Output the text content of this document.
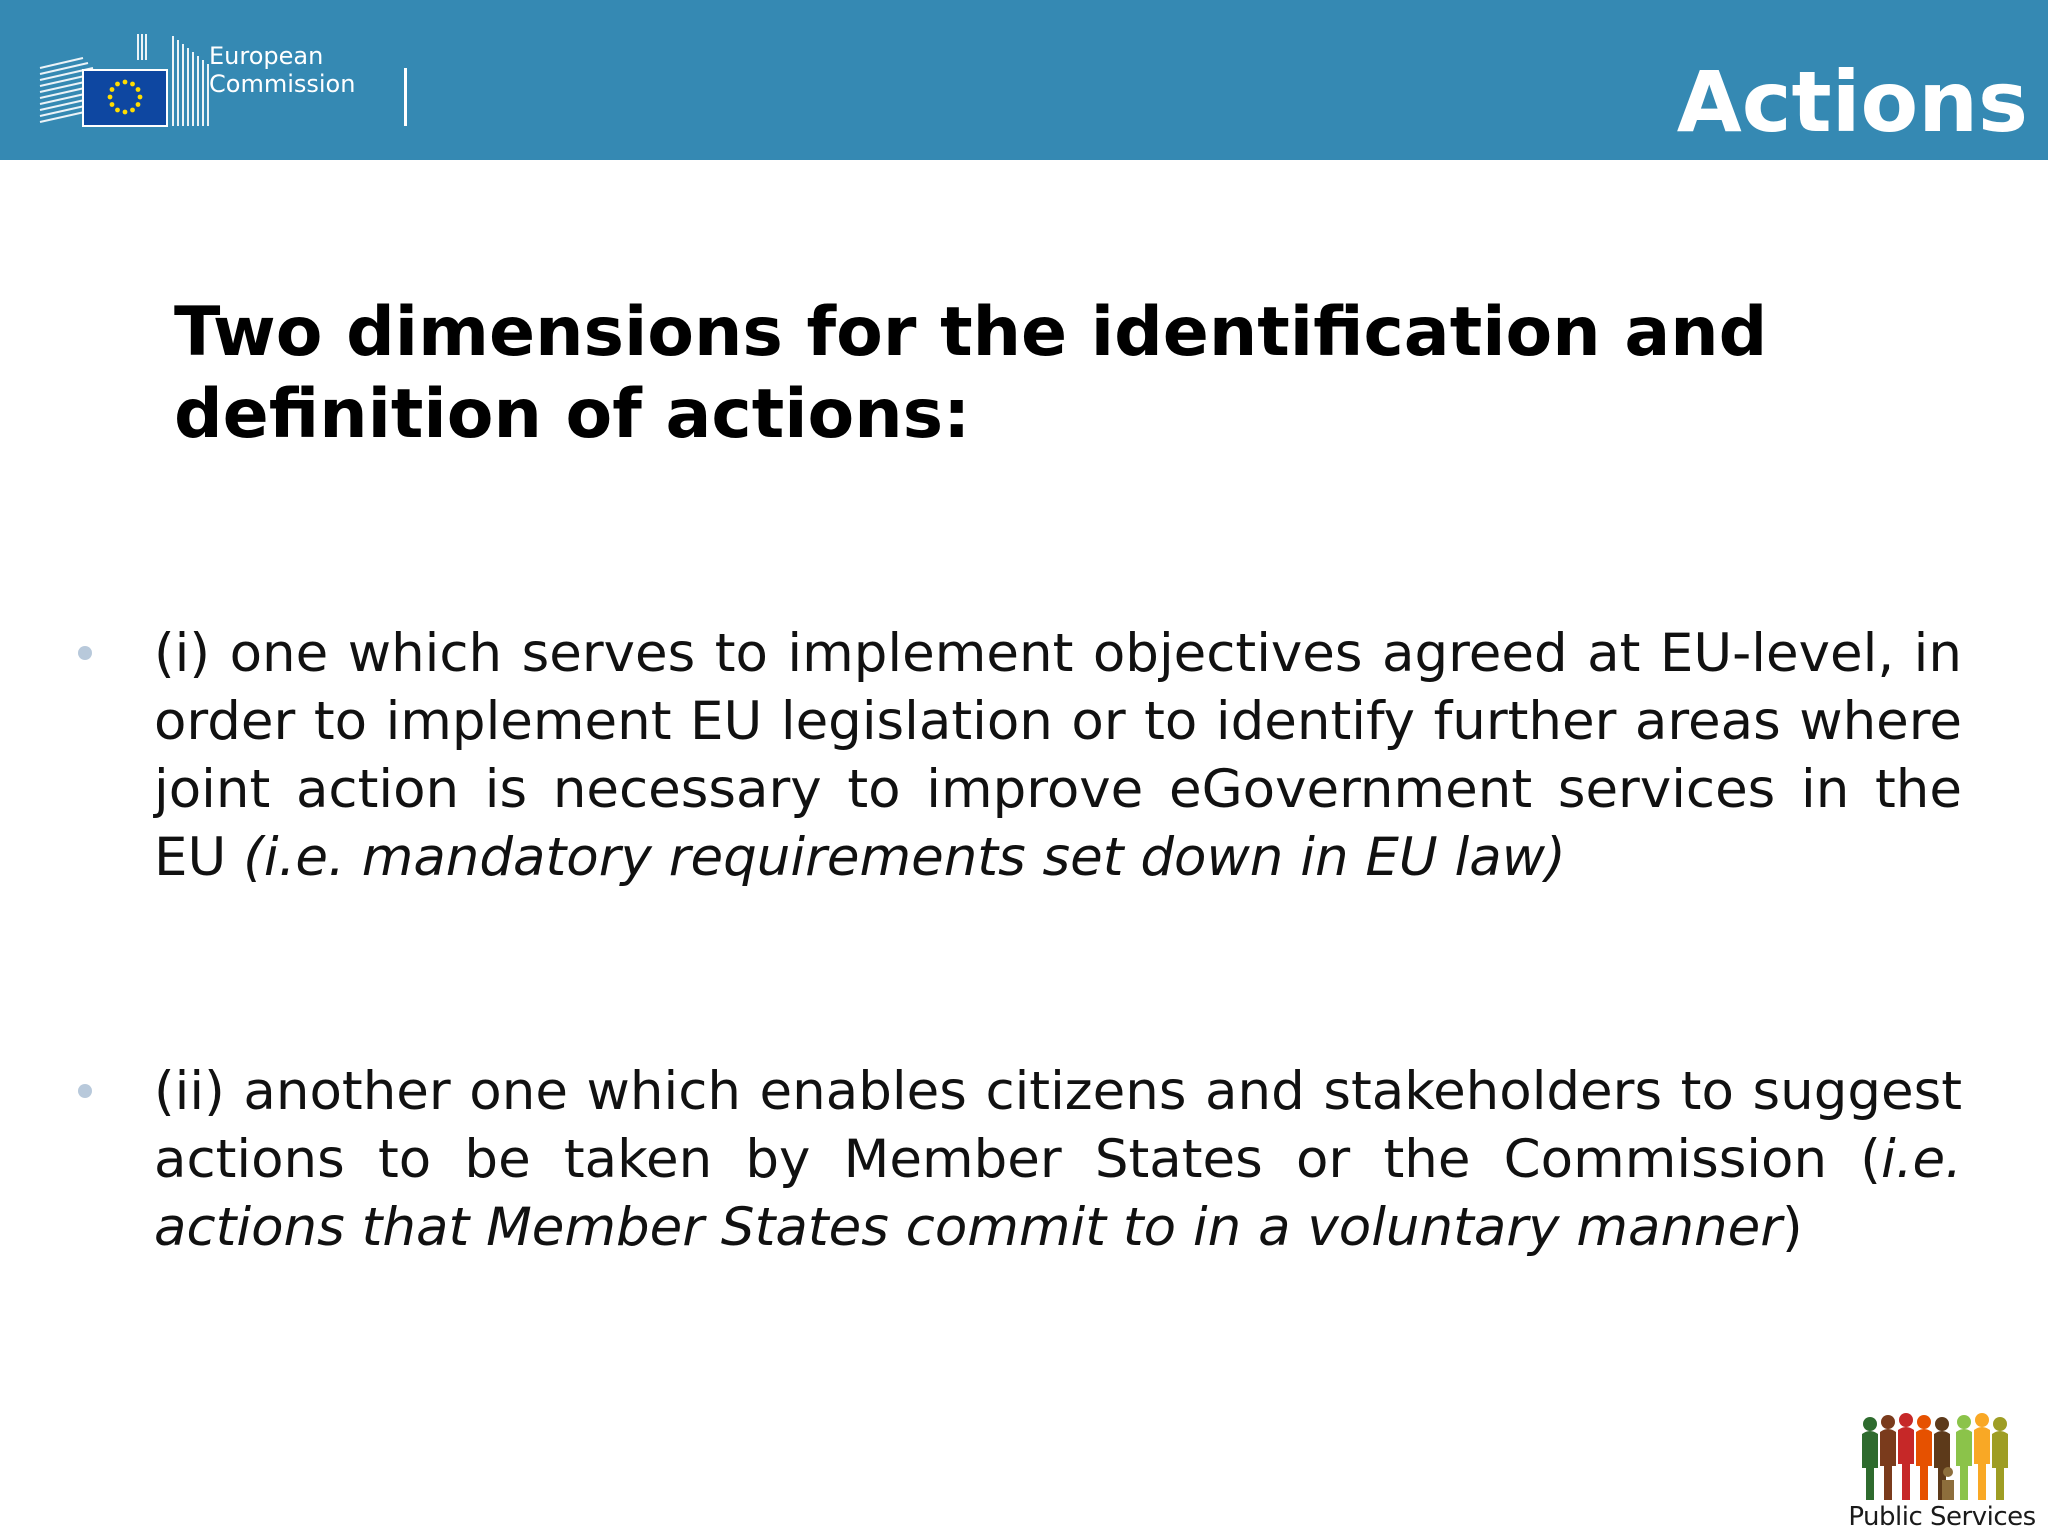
European
Commission	Actions
Two dimensions for the identification and definition of actions:
(i) one which serves to implement objectives agreed at EU-level, in order to implement EU legislation or to identify further areas where joint action is necessary to improve eGovernment services in the EU (i.e. mandatory requirements set down in EU law)
(ii) another one which enables citizens and stakeholders to suggest actions to be taken by Member States or the Commission (i.e. actions that Member States commit to in a voluntary manner)
Public Services
